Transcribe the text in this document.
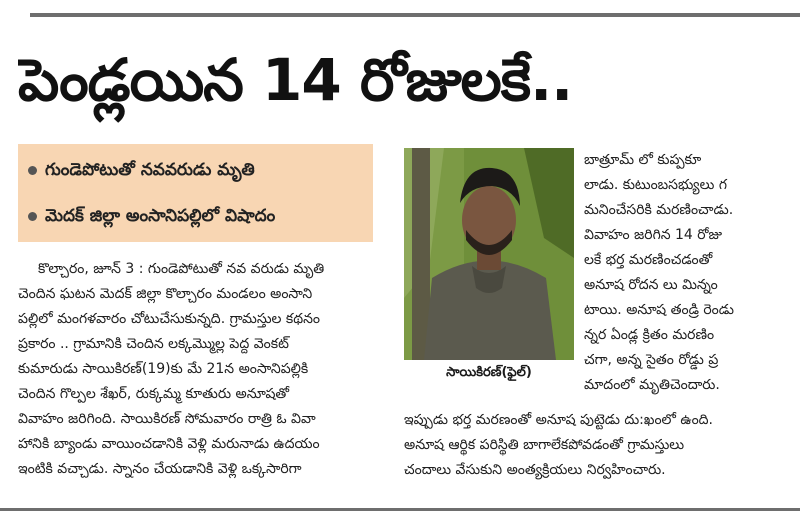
పెండ్లయిన 14 రోజులకే..
గుండెపోటుతో నవవరుడు మృతి
మెదక్ జిల్లా అంసానిపల్లిలో విషాదం
కొల్చారం, జూన్ 3 : గుండెపోటుతో నవ వరుడు మృతి
చెందిన ఘటన మెదక్ జిల్లా కొల్చారం మండలం అంసాని
పల్లిలో మంగళవారం చోటుచేసుకున్నది. గ్రామస్తుల కథనం
ప్రకారం .. గ్రామానికి చెందిన లక్కమ్మొల్ల పెద్ద వెంకట్
కుమారుడు సాయికిరణ్(19)కు మే 21న అంసానిపల్లికి
చెందిన గొల్పల శేఖర్, రుక్కమ్మ కూతురు అనూషతో
వివాహం జరిగింది. సాయికిరణ్ సోమవారం రాత్రి ఓ వివా
హానికి బ్యాండు వాయించడానికి వెళ్లి మరునాడు ఉదయం
ఇంటికి వచ్చాడు. స్నానం చేయడానికి వెళ్లి ఒక్కసారిగా
సాయికిరణ్(ఫైల్)
బాత్రూమ్ లో కుప్పకూ
లాడు. కుటుంబసభ్యులు గ
మనించేసరికి మరణించాడు.
వివాహం జరిగిన 14 రోజు
లకే భర్త మరణించడంతో
అనూష రోదన లు మిన్నం
టాయి. అనూష తండ్రి రెండు
న్నర ఏండ్ల క్రితం మరణిం
చగా, అన్న సైతం రోడ్డు ప్ర
మాదంలో మృతిచెందారు.
ఇప్పుడు భర్త మరణంతో అనూష పుట్టెడు దు:ఖంలో ఉంది.
అనూష ఆర్థిక పరిస్థితి బాగాలేకపోవడంతో గ్రామస్తులు
చందాలు వేసుకుని అంత్యక్రియలు నిర్వహించారు.
